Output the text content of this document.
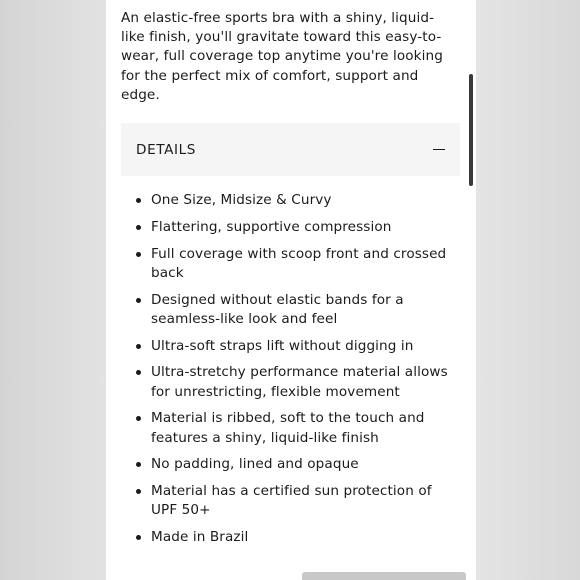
An elastic-free sports bra with a shiny, liquid-like finish, you'll gravitate toward this easy-to-wear, full coverage top anytime you're looking for the perfect mix of comfort, support and edge.

DETAILS
One Size, Midsize & Curvy
Flattering, supportive compression
Full coverage with scoop front and crossed back
Designed without elastic bands for a seamless-like look and feel
Ultra-soft straps lift without digging in
Ultra-stretchy performance material allows for unrestricting, flexible movement
Material is ribbed, soft to the touch and features a shiny, liquid-like finish
No padding, lined and opaque
Material has a certified sun protection of UPF 50+
Made in Brazil
